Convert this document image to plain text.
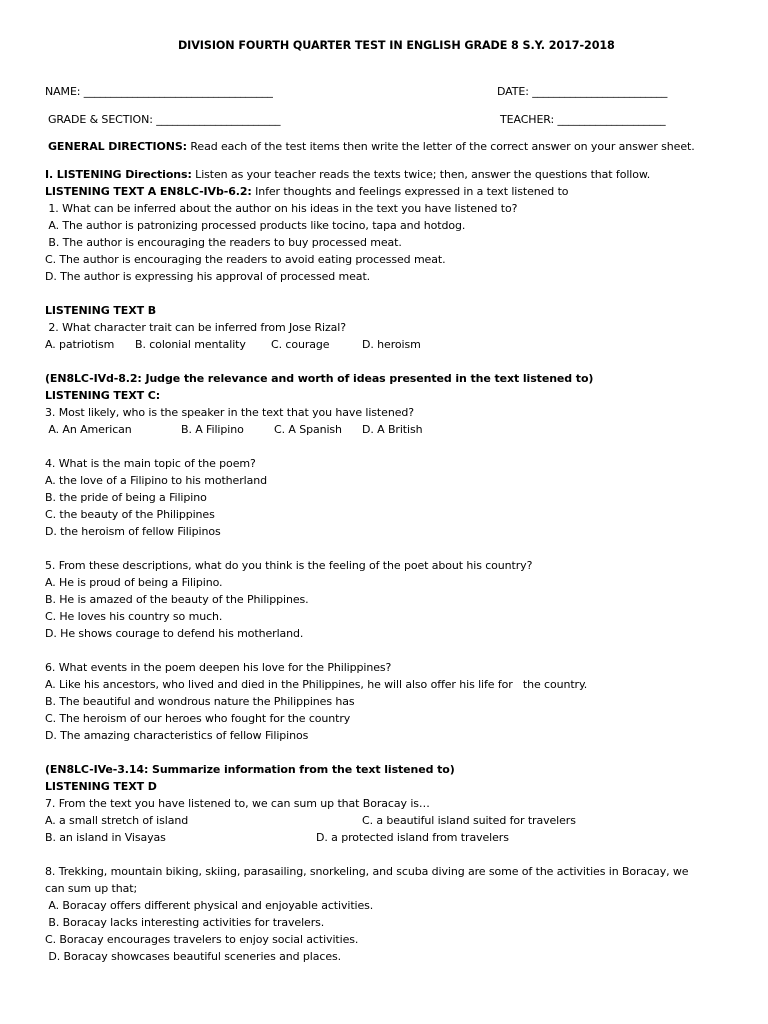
DIVISION FOURTH QUARTER TEST IN ENGLISH GRADE 8 S.Y. 2017-2018
NAME: ___________________________________	DATE: _________________________
GRADE & SECTION: _______________________	TEACHER: ____________________
GENERAL DIRECTIONS: Read each of the test items then write the letter of the correct answer on your answer sheet.
I. LISTENING Directions: Listen as your teacher reads the texts twice; then, answer the questions that follow.
LISTENING TEXT A EN8LC-IVb-6.2: Infer thoughts and feelings expressed in a text listened to
1. What can be inferred about the author on his ideas in the text you have listened to?
A. The author is patronizing processed products like tocino, tapa and hotdog.
B. The author is encouraging the readers to buy processed meat.
C. The author is encouraging the readers to avoid eating processed meat.
D. The author is expressing his approval of processed meat.
LISTENING TEXT B
2. What character trait can be inferred from Jose Rizal?
A. patriotism B. colonial mentality C. courage	D. heroism
(EN8LC-IVd-8.2: Judge the relevance and worth of ideas presented in the text listened to)
LISTENING TEXT C:
3. Most likely, who is the speaker in the text that you have listened?
A. An American	B. A Filipino	C. A Spanish D. A British
4. What is the main topic of the poem?
A. the love of a Filipino to his motherland
B. the pride of being a Filipino
C. the beauty of the Philippines
D. the heroism of fellow Filipinos
5. From these descriptions, what do you think is the feeling of the poet about his country?
A. He is proud of being a Filipino.
B. He is amazed of the beauty of the Philippines.
C. He loves his country so much.
D. He shows courage to defend his motherland.
6. What events in the poem deepen his love for the Philippines?
A. Like his ancestors, who lived and died in the Philippines, he will also offer his life for   the country.
B. The beautiful and wondrous nature the Philippines has
C. The heroism of our heroes who fought for the country
D. The amazing characteristics of fellow Filipinos
(EN8LC-IVe-3.14: Summarize information from the text listened to)
LISTENING TEXT D
7. From the text you have listened to, we can sum up that Boracay is…
A. a small stretch of island	C. a beautiful island suited for travelers
B. an island in Visayas	D. a protected island from travelers
8. Trekking, mountain biking, skiing, parasailing, snorkeling, and scuba diving are some of the activities in Boracay, we
can sum up that;
A. Boracay offers different physical and enjoyable activities.
B. Boracay lacks interesting activities for travelers.
C. Boracay encourages travelers to enjoy social activities.
D. Boracay showcases beautiful sceneries and places.
